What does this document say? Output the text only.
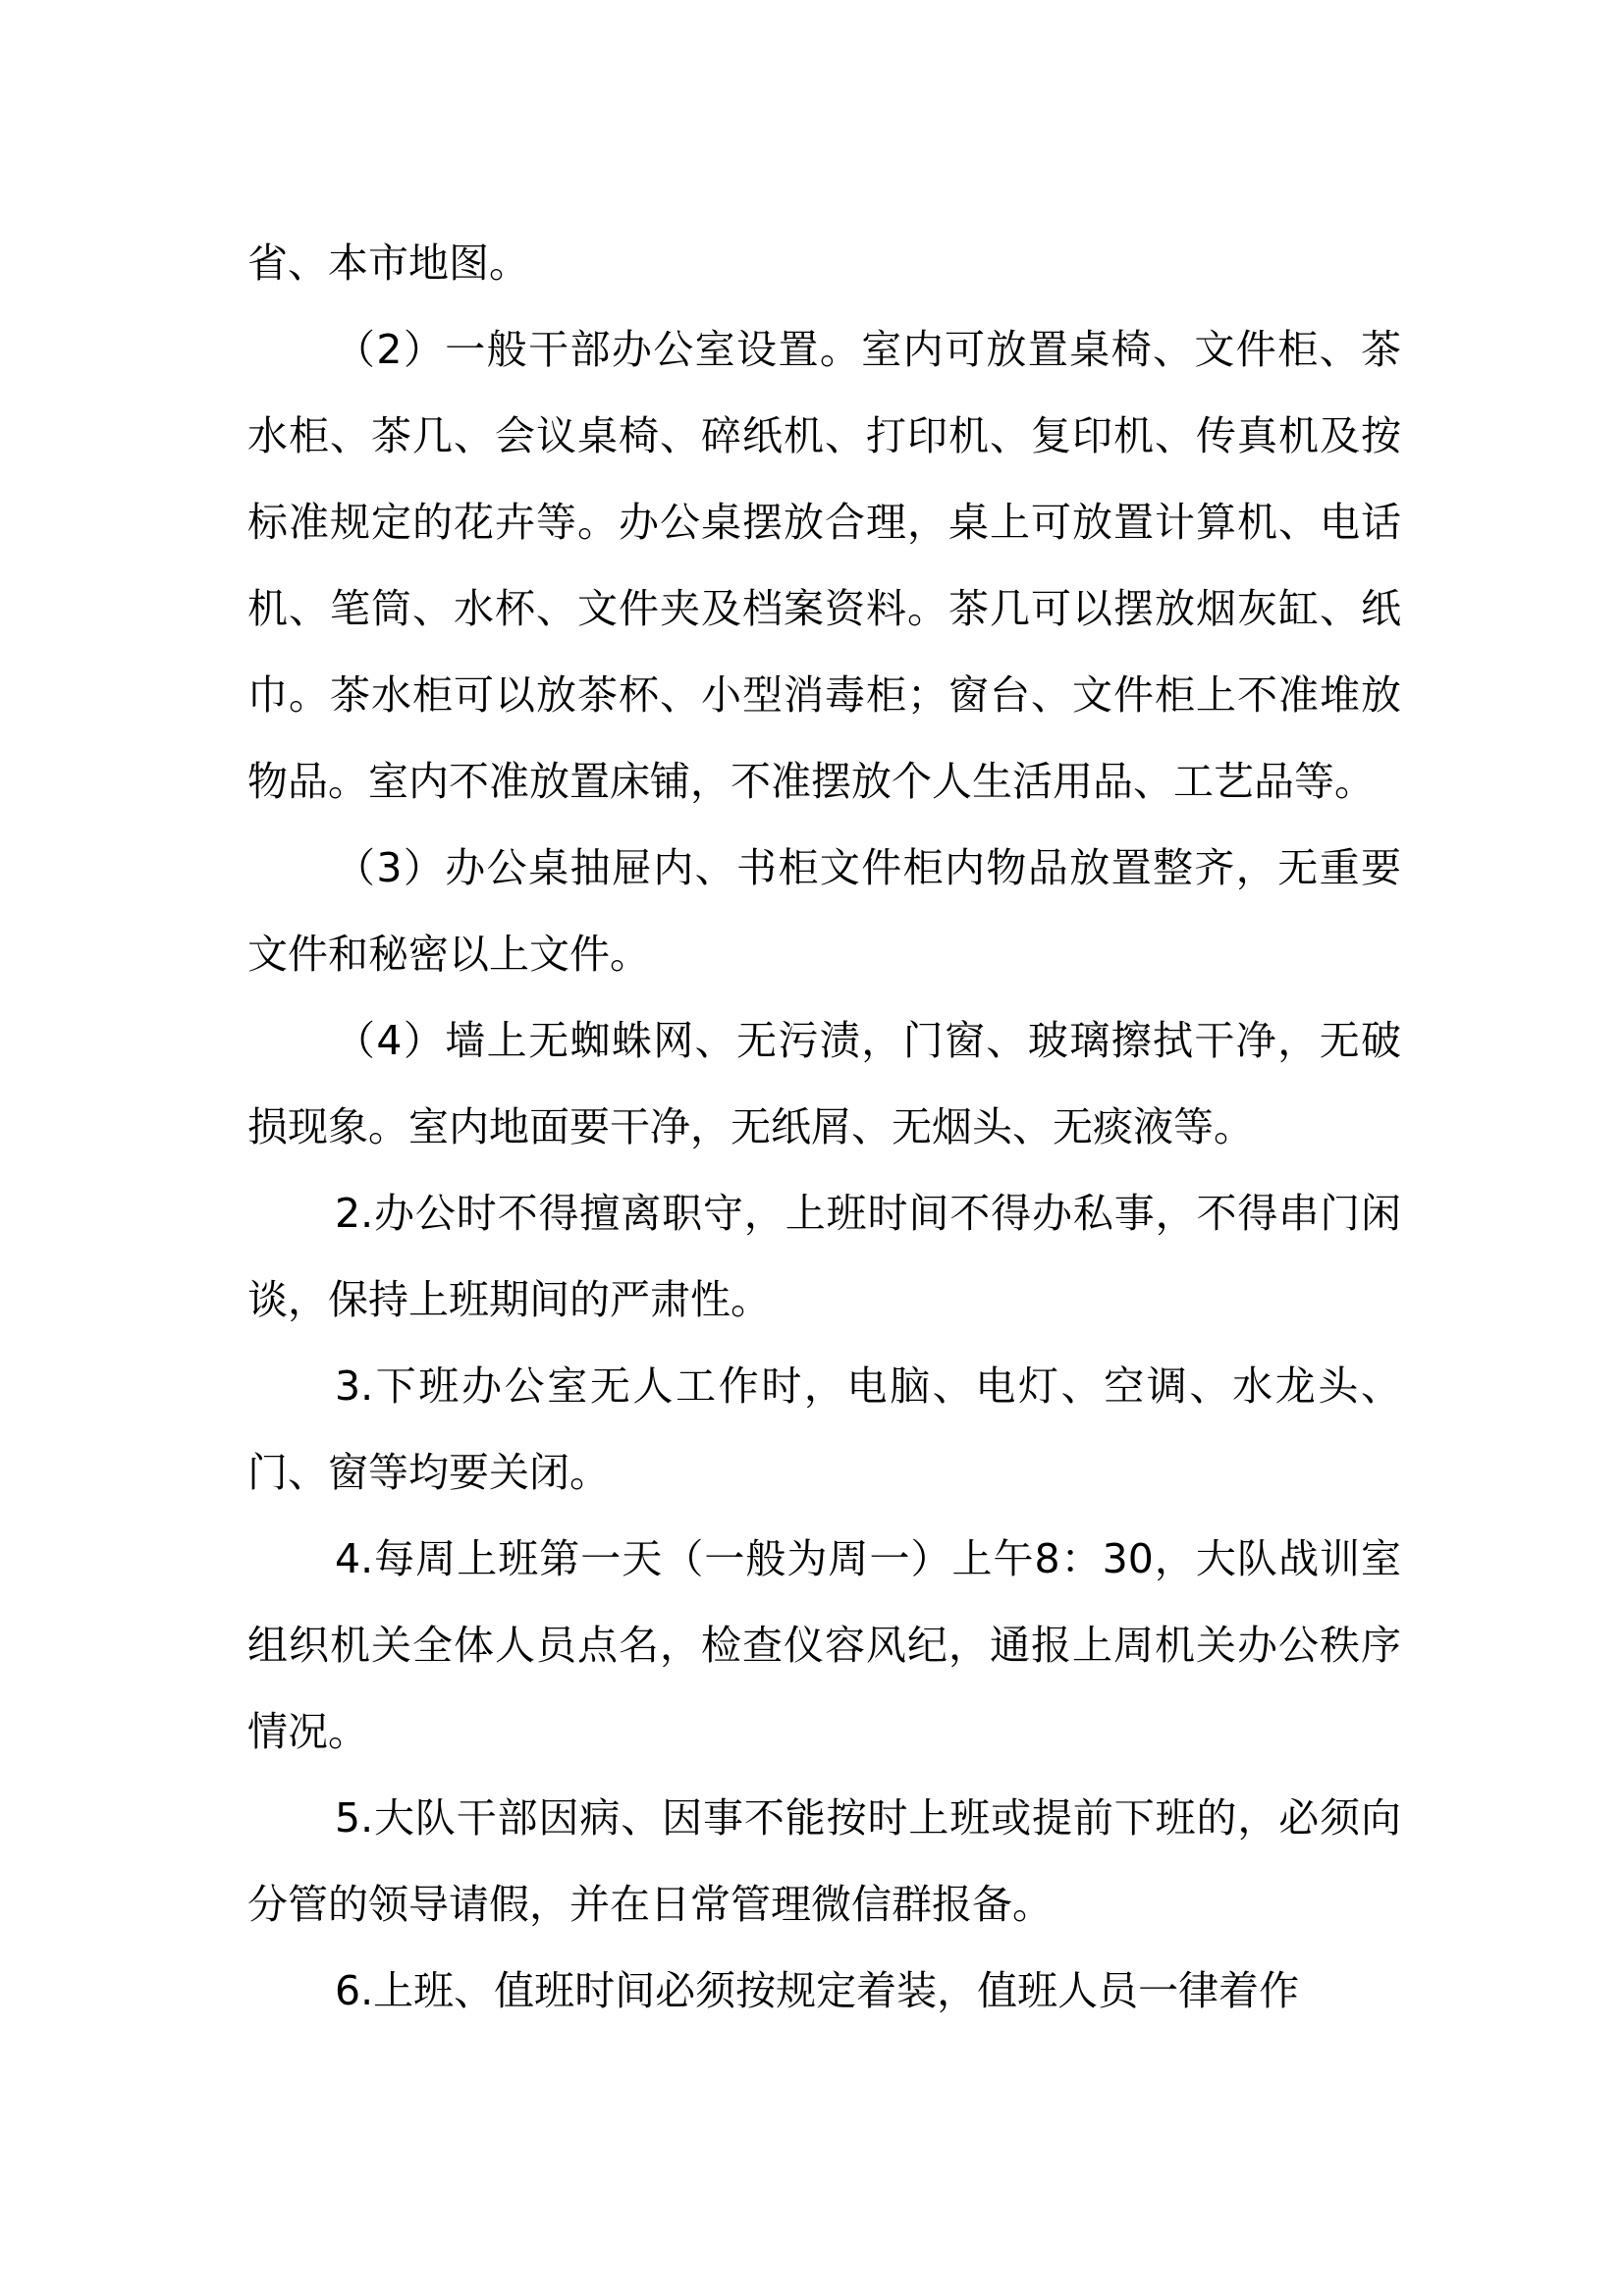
省、本市地图。

（2）一般干部办公室设置。室内可放置桌椅、文件柜、茶水柜、茶几、会议桌椅、碎纸机、打印机、复印机、传真机及按标准规定的花卉等。办公桌摆放合理，桌上可放置计算机、电话机、笔筒、水杯、文件夹及档案资料。茶几可以摆放烟灰缸、纸巾。茶水柜可以放茶杯、小型消毒柜；窗台、文件柜上不准堆放物品。室内不准放置床铺，不准摆放个人生活用品、工艺品等。

（3）办公桌抽屉内、书柜文件柜内物品放置整齐，无重要文件和秘密以上文件。

（4）墙上无蜘蛛网、无污渍，门窗、玻璃擦拭干净，无破损现象。室内地面要干净，无纸屑、无烟头、无痰液等。

2.办公时不得擅离职守，上班时间不得办私事，不得串门闲谈，保持上班期间的严肃性。

3.下班办公室无人工作时，电脑、电灯、空调、水龙头、门、窗等均要关闭。

4.每周上班第一天（一般为周一）上午8：30，大队战训室组织机关全体人员点名，检查仪容风纪，通报上周机关办公秩序情况。

5.大队干部因病、因事不能按时上班或提前下班的，必须向分管的领导请假，并在日常管理微信群报备。

6.上班、值班时间必须按规定着装，值班人员一律着作
